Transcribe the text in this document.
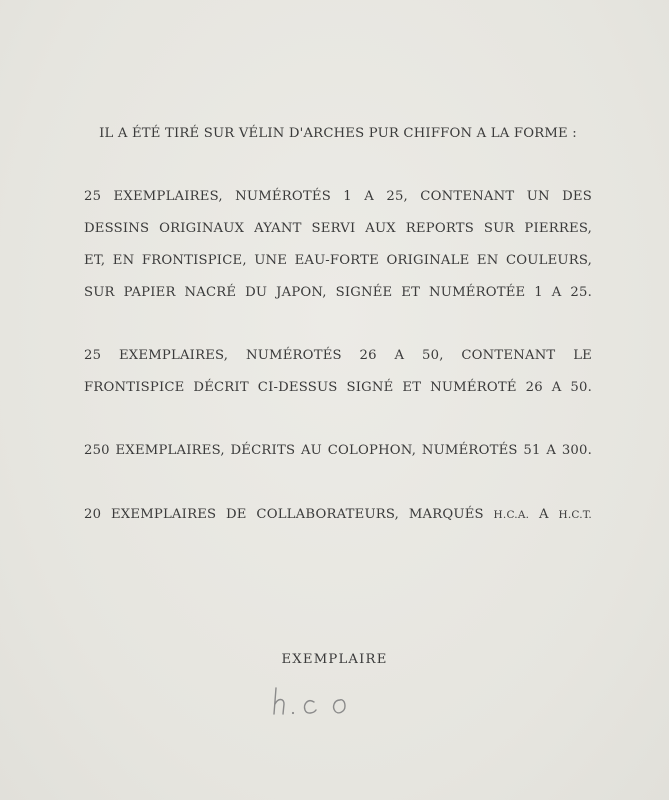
IL A ÉTÉ TIRÉ SUR VÉLIN D'ARCHES PUR CHIFFON A LA FORME :
25 EXEMPLAIRES, NUMÉROTÉS 1 A 25, CONTENANT UN DES
DESSINS ORIGINAUX AYANT SERVI AUX REPORTS SUR PIERRES,
ET, EN FRONTISPICE, UNE EAU-FORTE ORIGINALE EN COULEURS,
SUR PAPIER NACRÉ DU JAPON, SIGNÉE ET NUMÉROTÉE 1 A 25.
25 EXEMPLAIRES, NUMÉROTÉS 26 A 50, CONTENANT LE
FRONTISPICE DÉCRIT CI-DESSUS SIGNÉ ET NUMÉROTÉ 26 A 50.
250 EXEMPLAIRES, DÉCRITS AU COLOPHON, NUMÉROTÉS 51 A 300.
20 EXEMPLAIRES DE COLLABORATEURS, MARQUÉS H.C.A. A H.C.T.
EXEMPLAIRE
